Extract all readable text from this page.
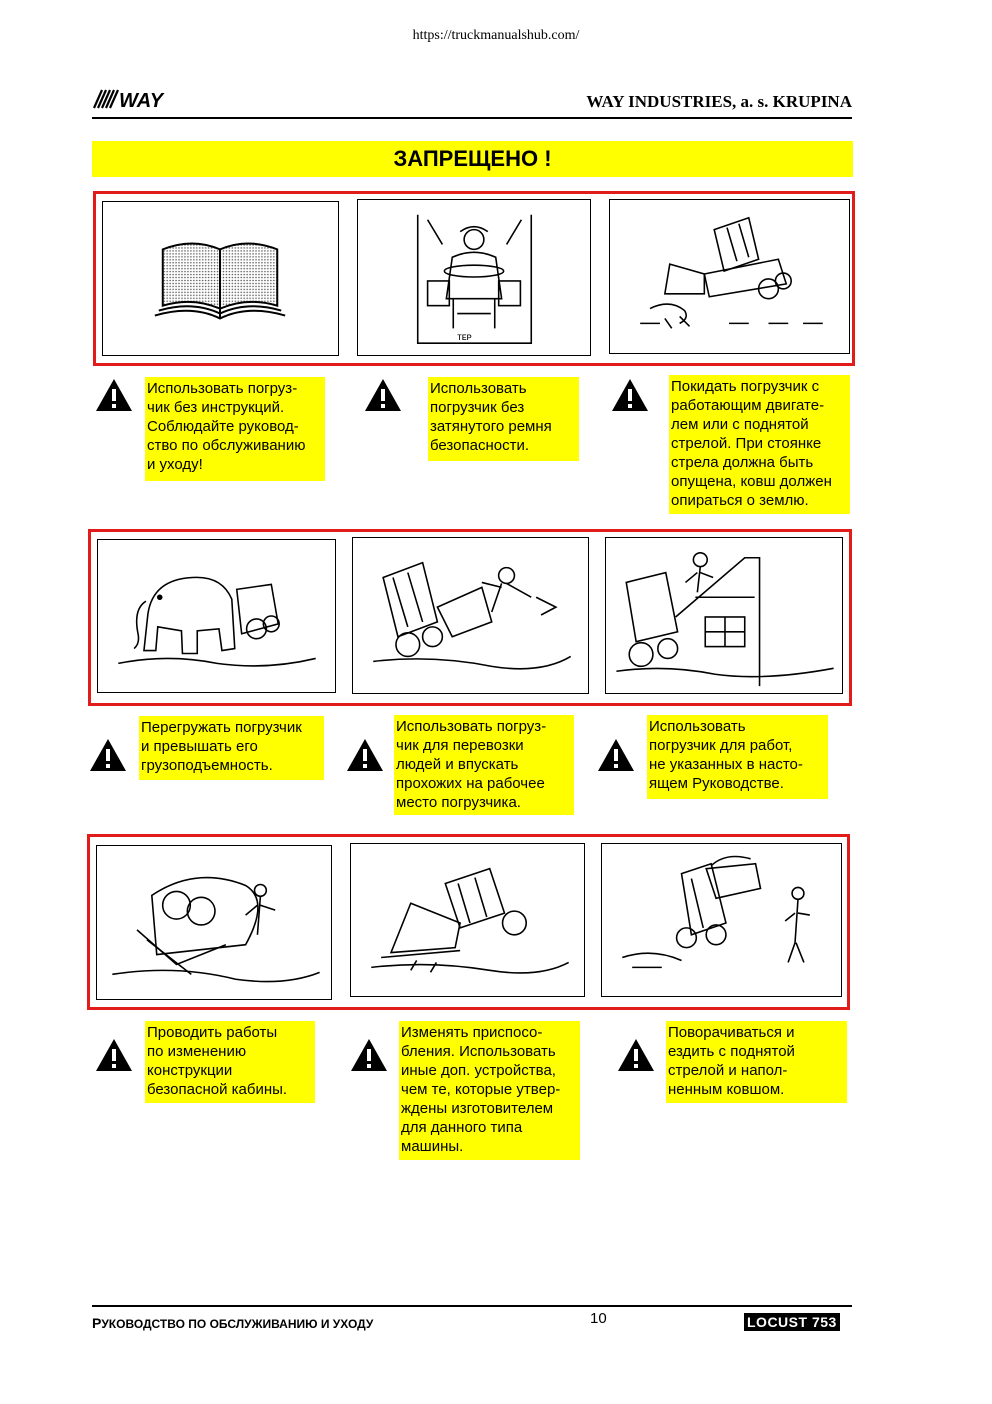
https://truckmanualshub.com/
WAY	WAY INDUSTRIES, a. s. KRUPINA
ЗАПРЕЩЕНО !
ᴛᴇᴘ
Использовать погруз-
чик без инструкций.
Соблюдайте руковод-
ство по обслуживанию
и уходу!
Использовать
погрузчик без
затянутого ремня
безопасности.
Покидать погрузчик с
работающим двигате-
лем или с поднятой
стрелой. При стоянке
стрела должна быть
опущена, ковш должен
опираться о землю.
Перегружать погрузчик
и превышать его
грузоподъемность.
Использовать погруз-
чик для перевозки
людей и впускать
прохожих на рабочее
место погрузчика.
Использовать
погрузчик для работ,
не указанных в насто-
ящем Руководстве.
Проводить работы
по изменению
конструкции
безопасной кабины.
Изменять приспосо-
бления. Использовать
иные доп. устройства,
чем те, которые утвер-
ждены изготовителем
для данного типа
машины.
Поворачиваться и
ездить с поднятой
стрелой и напол-
ненным ковшом.
РУКОВОДСТВО ПО ОБСЛУЖИВАНИЮ И УХОДУ	10	LOCUST 753
